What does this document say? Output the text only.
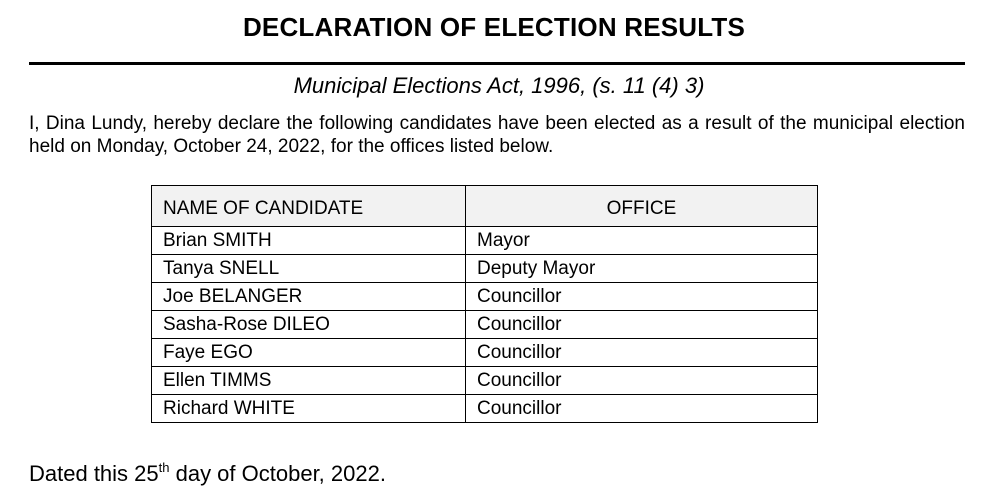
DECLARATION OF ELECTION RESULTS
Municipal Elections Act, 1996, (s. 11 (4) 3)
I, Dina Lundy, hereby declare the following candidates have been elected as a result of the municipal election held on Monday, October 24, 2022, for the offices listed below.
NAME OF CANDIDATE	OFFICE
Brian SMITH	Mayor
Tanya SNELL	Deputy Mayor
Joe BELANGER	Councillor
Sasha-Rose DILEO	Councillor
Faye EGO	Councillor
Ellen TIMMS	Councillor
Richard WHITE	Councillor
Dated this 25th day of October, 2022.
